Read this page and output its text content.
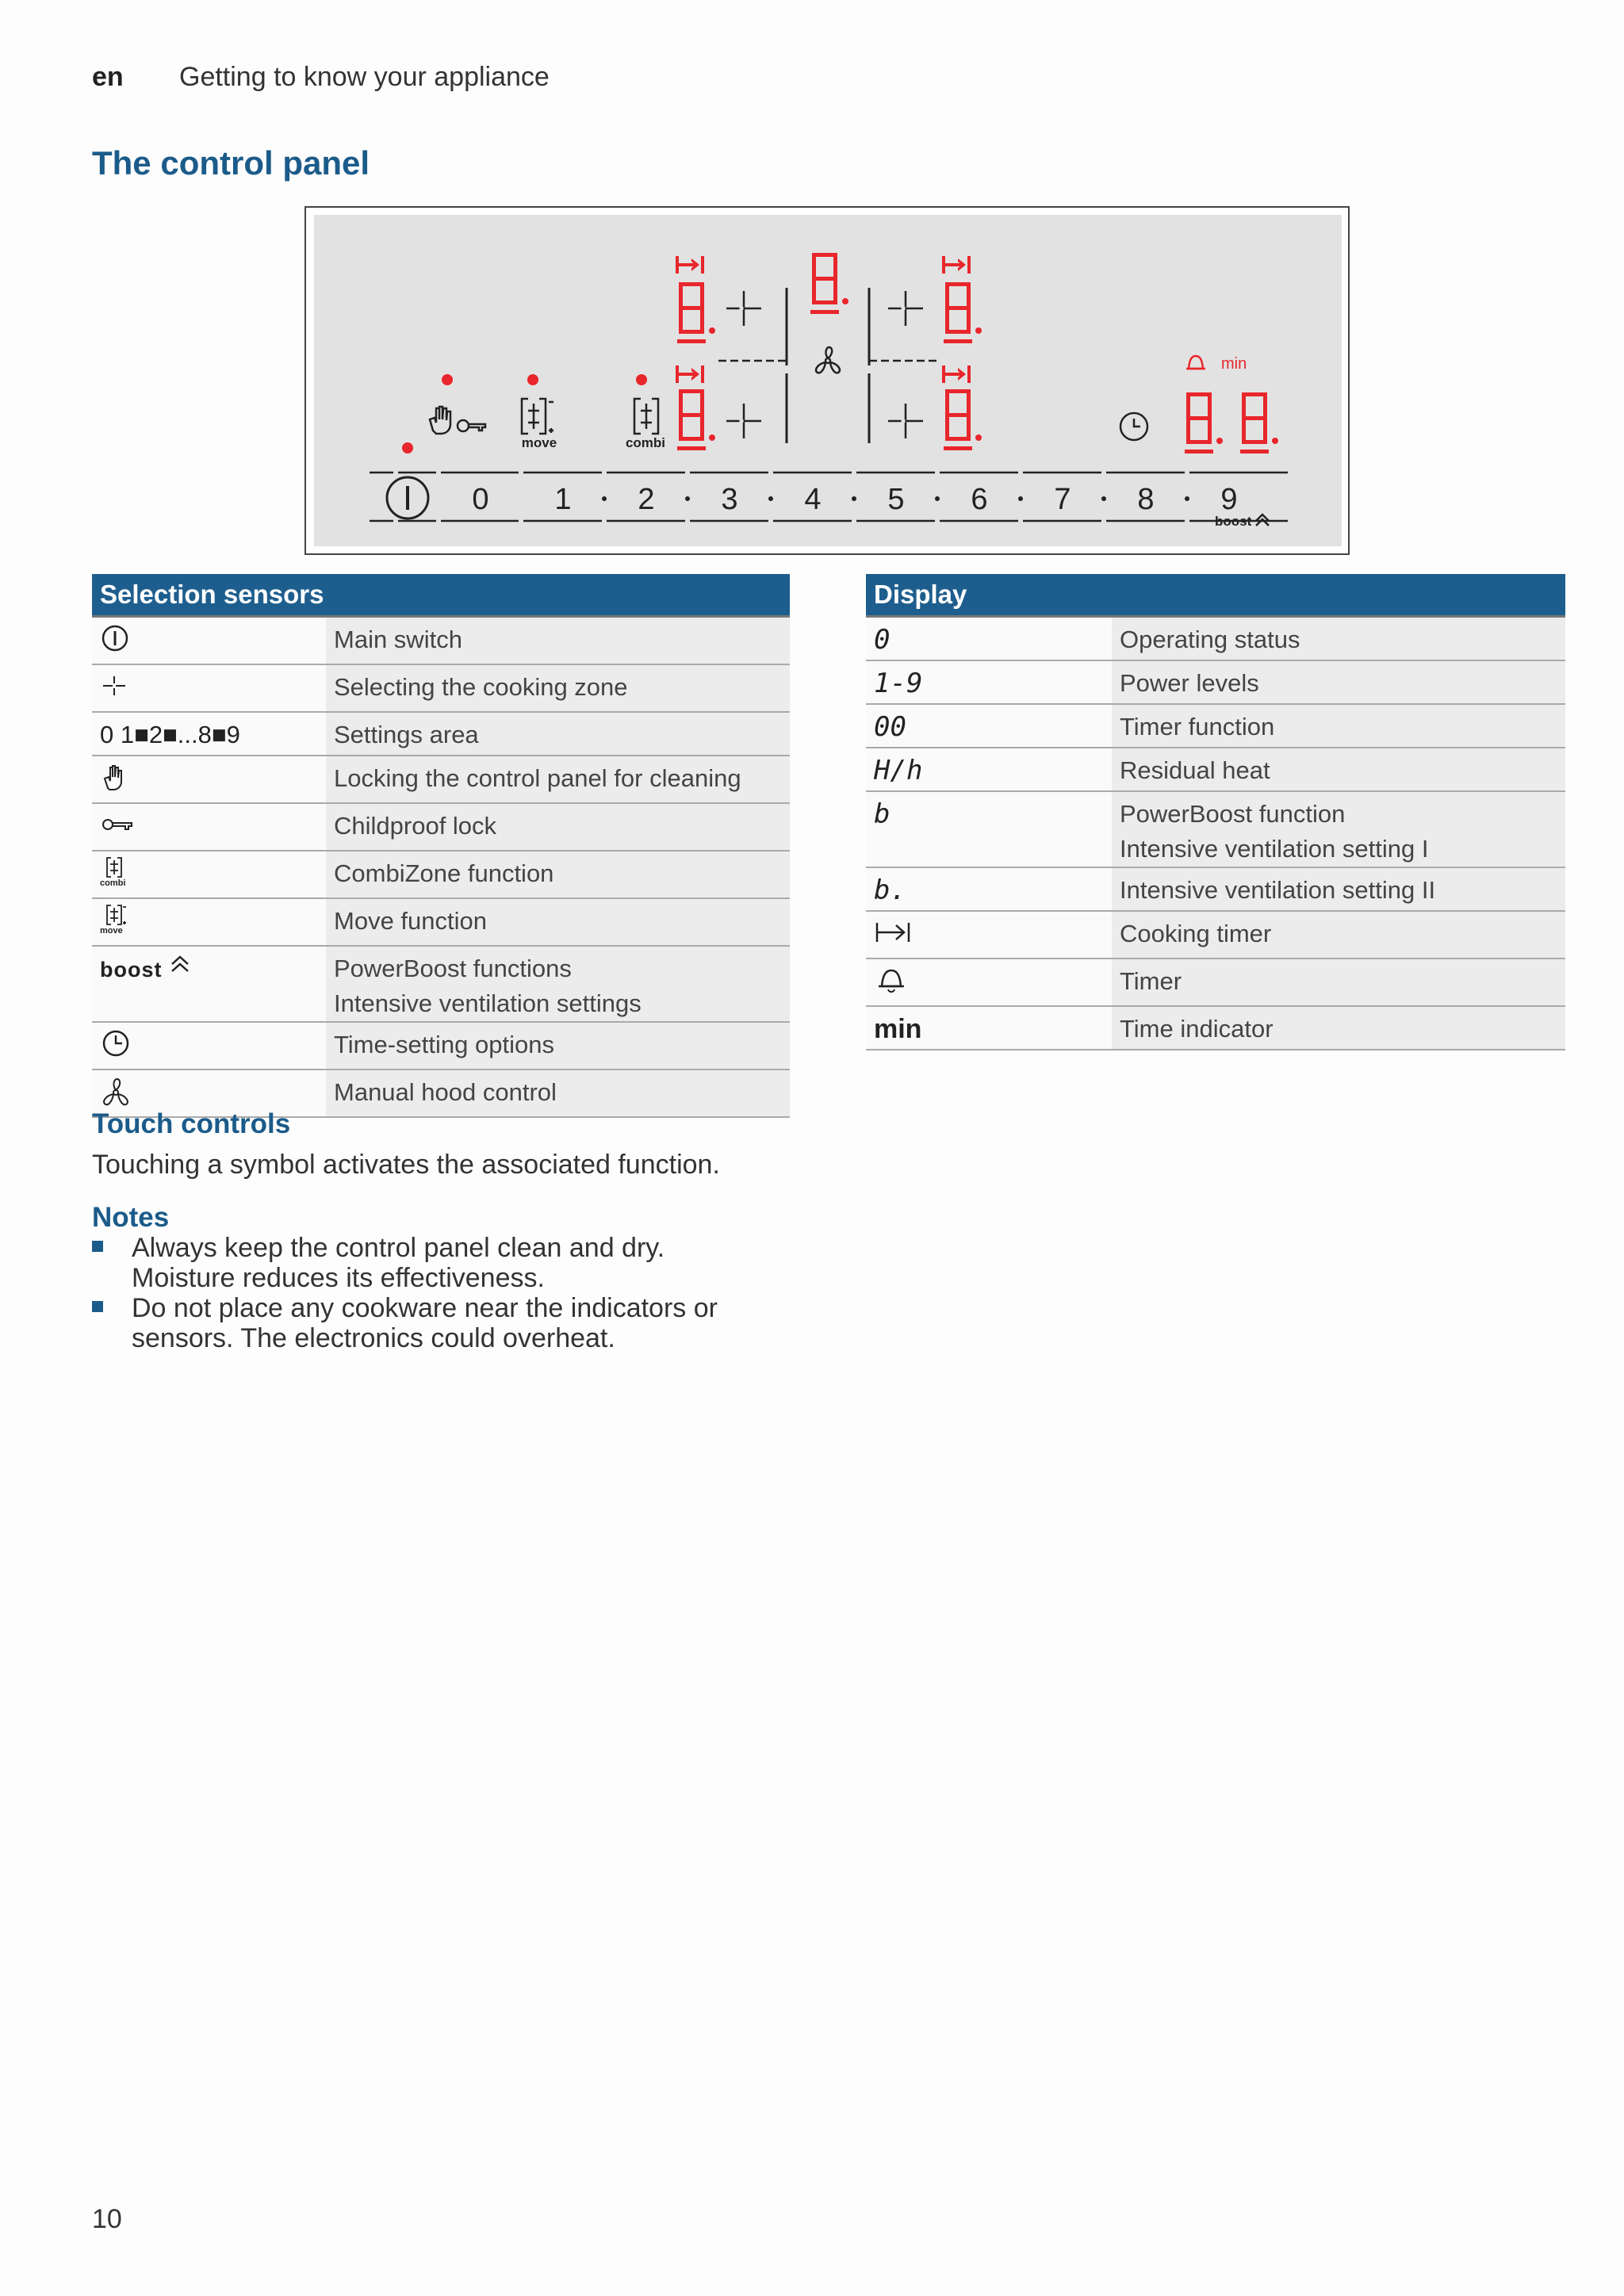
en Getting to know your appliance
The control panel
move	combi
min
0 1 2 3 4 5 6 7 8 9
boost
Selection sensors	

Main switch

Selecting the cooking zone

0 1■2■...8■9	Settings area

Locking the control panel for cleaning

Childproof lock

combi	CombiZone function

move	Move function

boost	PowerBoost functions
Intensive ventilation settings

Time-setting options

Manual hood control
Display	
0	Operating status

1-9	Power levels

00	Timer function

H/h	Residual heat

b	PowerBoost function
Intensive ventilation setting I

b.	Intensive ventilation setting II

Cooking timer

Timer

min	Time indicator
Touch controls
Touching a symbol activates the associated function.
Notes
Always keep the control panel clean and dry.
Moisture reduces its effectiveness.
Do not place any cookware near the indicators or
sensors. The electronics could overheat.
10
